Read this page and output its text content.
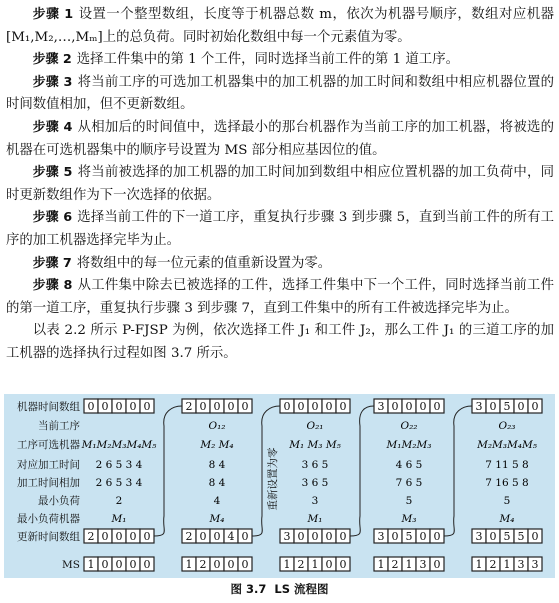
步骤 1 设置一个整型数组，长度等于机器总数 m，依次为机器号顺序，数组对应机器[M₁,M₂,…,Mₘ]上的总负荷。同时初始化数组中每一个元素值为零。

步骤 2 选择工件集中的第 1 个工件，同时选择当前工件的第 1 道工序。

步骤 3 将当前工序的可选加工机器集中的加工机器的加工时间和数组中相应机器位置的时间数值相加，但不更新数组。

步骤 4 从相加后的时间值中，选择最小的那台机器作为当前工序的加工机器，将被选的机器在可选机器集中的顺序号设置为 MS 部分相应基因位的值。

步骤 5 将当前被选择的加工机器的加工时间加到数组中相应位置机器的加工负荷中，同时更新数组作为下一次选择的依据。

步骤 6 选择当前工件的下一道工序，重复执行步骤 3 到步骤 5，直到当前工件的所有工序的加工机器选择完毕为止。

步骤 7 将数组中的每一位元素的值重新设置为零。

步骤 8 从工件集中除去已被选择的工件，选择工件集中下一个工件，同时选择当前工件的第一道工序，重复执行步骤 3 到步骤 7，直到工件集中的所有工件被选择完毕为止。

以表 2.2 所示 P-FJSP 为例，依次选择工件 J₁ 和工件 J₂，那么工件 J₁ 的三道工序的加工机器的选择执行过程如图 3.7 所示。

机器时间数组
当前工序
工序可选机器
对应加工时间
加工时间相加
最小负荷
最小负荷机器
更新时间数组
MS
0 0 0 0 0
M₁M₂M₃M₄M₅
2 6 5 3 4
2 6 5 3 4
2
M₁
2 0 0 0 0
1 0 0 0 0
2 0 0 0 0
O₁₂
M₂ M₄
8 4
8 4
4
M₄
2 0 0 4 0
1 2 0 0 0
0 0 0 0 0
O₂₁
M₁ M₃ M₅
3 6 5
3 6 5
3
M₁
3 0 0 0 0
1 2 1 0 0
3 0 0 0 0
O₂₂
M₁M₂M₃
4 6 5
7 6 5
5
M₃
3 0 5 0 0
1 2 1 3 0
3 0 5 0 0
O₂₃
M₂M₃M₄M₅
7 11 5 8
7 16 5 8
5
M₄
3 0 5 5 0
1 2 1 3 3
重新设置为零
图 3.7 LS 流程图
